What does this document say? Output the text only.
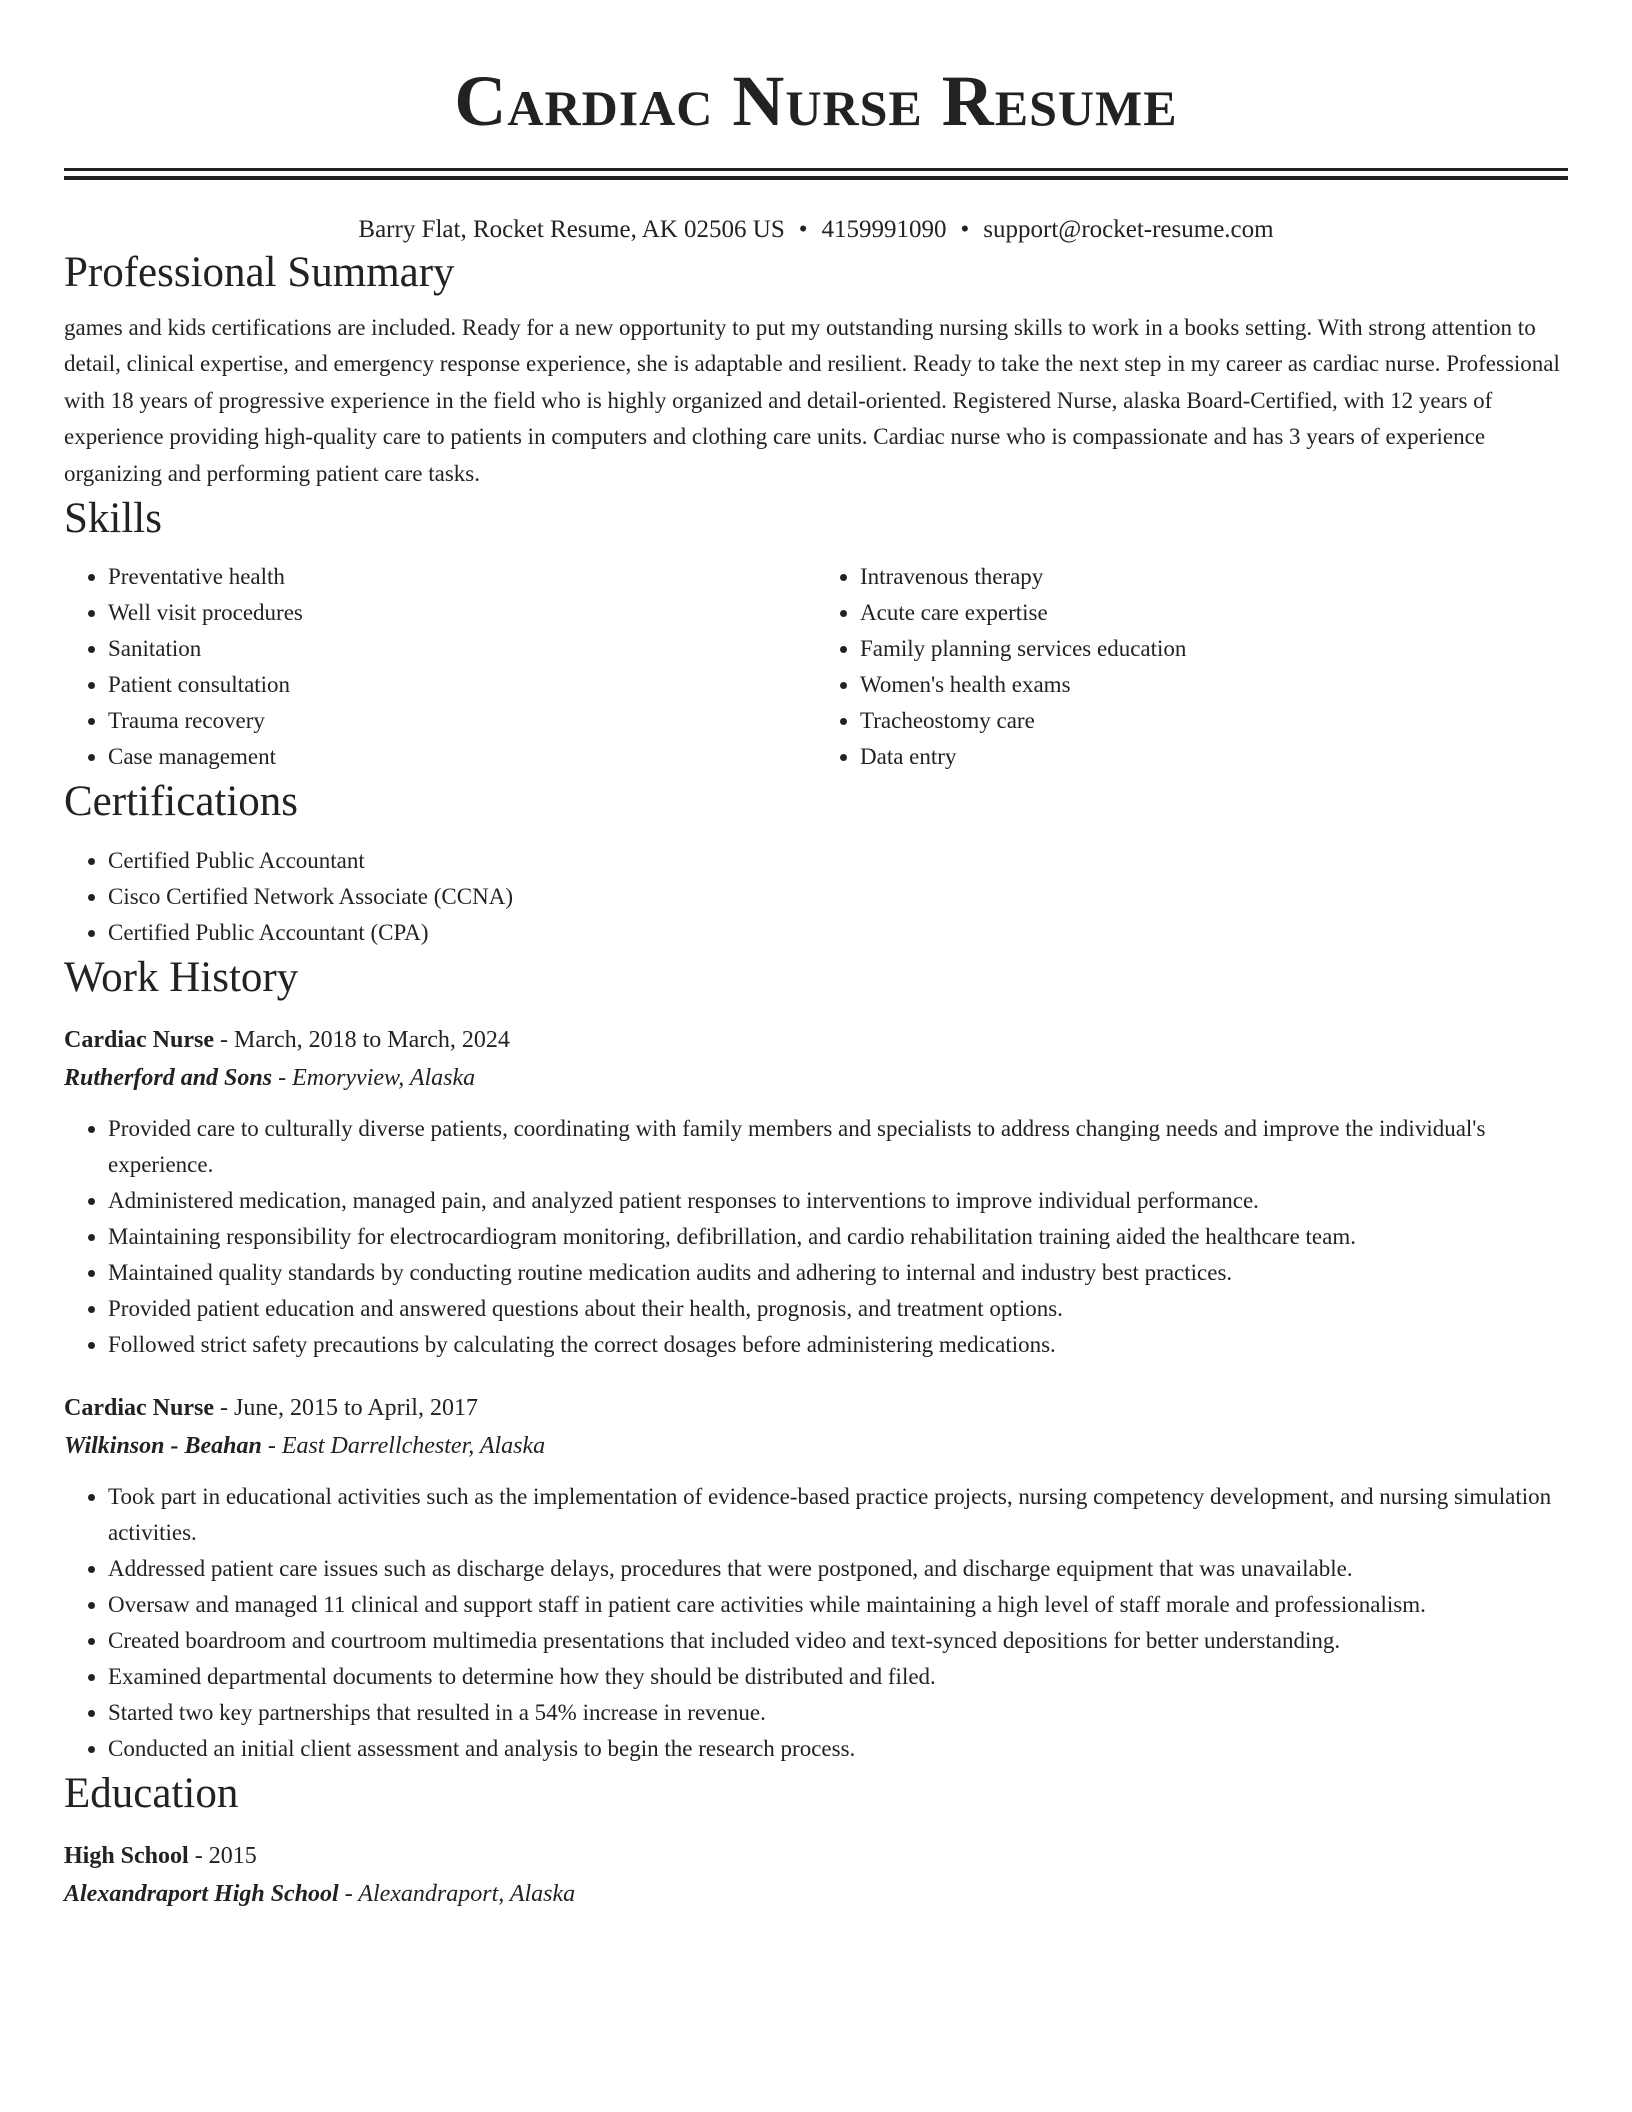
Cardiac Nurse Resume
Barry Flat, Rocket Resume, AK 02506 US • 4159991090 • support@rocket-resume.com
Professional Summary

games and kids certifications are included. Ready for a new opportunity to put my outstanding nursing skills to work in a books setting. With strong attention to detail, clinical expertise, and emergency response experience, she is adaptable and resilient. Ready to take the next step in my career as cardiac nurse. Professional with 18 years of progressive experience in the field who is highly organized and detail-oriented. Registered Nurse, alaska Board-Certified, with 12 years of experience providing high-quality care to patients in computers and clothing care units. Cardiac nurse who is compassionate and has 3 years of experience organizing and performing patient care tasks.

Skills
• Preventative health
• Well visit procedures
• Sanitation
• Patient consultation
• Trauma recovery
• Case management
• Intravenous therapy
• Acute care expertise
• Family planning services education
• Women's health exams
• Tracheostomy care
• Data entry
Certifications
• Certified Public Accountant
• Cisco Certified Network Associate (CCNA)
• Certified Public Accountant (CPA)
Work History
Cardiac Nurse - March, 2018 to March, 2024
Rutherford and Sons - Emoryview, Alaska
• Provided care to culturally diverse patients, coordinating with family members and specialists to address changing needs and improve the individual's experience.
• Administered medication, managed pain, and analyzed patient responses to interventions to improve individual performance.
• Maintaining responsibility for electrocardiogram monitoring, defibrillation, and cardio rehabilitation training aided the healthcare team.
• Maintained quality standards by conducting routine medication audits and adhering to internal and industry best practices.
• Provided patient education and answered questions about their health, prognosis, and treatment options.
• Followed strict safety precautions by calculating the correct dosages before administering medications.
Cardiac Nurse - June, 2015 to April, 2017
Wilkinson - Beahan - East Darrellchester, Alaska
• Took part in educational activities such as the implementation of evidence-based practice projects, nursing competency development, and nursing simulation activities.
• Addressed patient care issues such as discharge delays, procedures that were postponed, and discharge equipment that was unavailable.
• Oversaw and managed 11 clinical and support staff in patient care activities while maintaining a high level of staff morale and professionalism.
• Created boardroom and courtroom multimedia presentations that included video and text-synced depositions for better understanding.
• Examined departmental documents to determine how they should be distributed and filed.
• Started two key partnerships that resulted in a 54% increase in revenue.
• Conducted an initial client assessment and analysis to begin the research process.
Education
High School - 2015
Alexandraport High School - Alexandraport, Alaska
